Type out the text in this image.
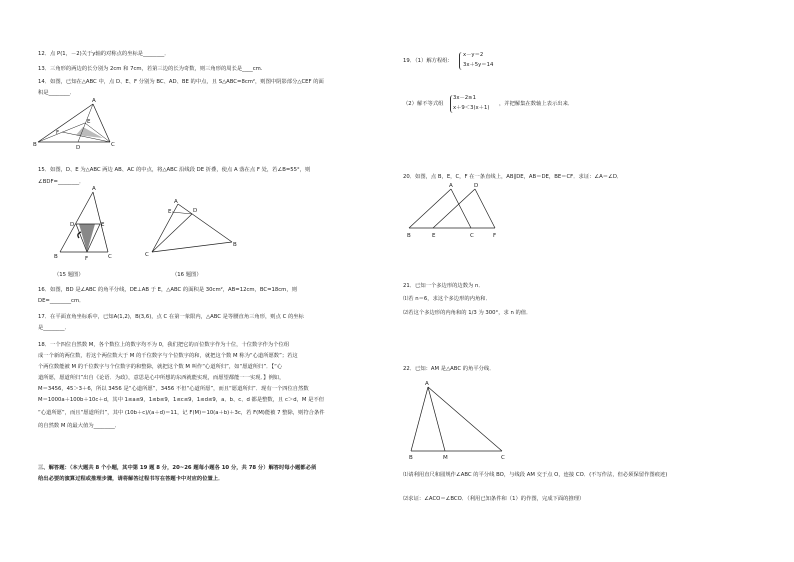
12．点 P(1，－2)关于y轴的对称点的坐标是________．
13．三角形的两边的长分别为 2cm 和 7cm，若第三边的长为奇数，则三角形的周长是____cm.
14．如图，已知在△ABC 中，点 D、E、F 分别为 BC、AD、BE 的中点，且 S△ABC=8cm²，则图中阴影部分△CEF 的面
积是________．
A
B	C
D
E
F
15．如图，D、E 为△ABC 两边 AB、AC 的中点，将△ABC 沿线段 DE 折叠，使点 A 落在点 F 处，若∠B=55°，则
∠BDF=________．
A
D	E
B	F	C
A
E	D
C
B
（15 题图）	（16 题图）
16．如图，BD 是∠ABC 的角平分线，DE⊥AB 于 E，△ABC 的面积是 30cm²，AB=12cm，BC=18cm，则
DE=________cm．
17．在平面直角坐标系中，已知A(1,2)，B(3,6)，点 C 在第一象限内，△ABC 是等腰直角三角形，则点 C 的坐标
是________．
18．一个四位自然数 M，各个数位上的数字均不为 0，我们把它的百位数字作为十位，十位数字作为个位组
成一个新的两位数，若这个两位数大于 M 的千位数字与个位数字的和，就把这个数 M 称为“心道所愿数”；若这
个两位数能被 M 的千位数字与个位数字的和整除，就把这个数 M 叫作“心道所归”，如“愿道所归”．【“心
道所愿，愿道所归”出自《论语．为政》，意思是心中所想的东西就能实现，而愿望都能一一实现．】例如，
M＝3456，45＞3＋6，所以 3456 是“心道所愿”，3456 不但“心道所愿”，而且“愿道所归”．现有一个四位自然数
M＝1000a＋100b＋10c＋d，其中 1≤a≤9，1≤b≤9，1≤c≤9，1≤d≤9，a、b、c、d 都是整数，且 c＞d，M 是不但
“心道所愿”，而且“愿道所归”，其中 (10b＋c)/(a＋d)＝11，记 F(M)＝10(a＋b)＋3c，若 F(M)能被 7 整除，则符合条件
的自然数 M 的最大值为________．
三、解答题：（本大题共 8 个小题，其中第 19 题 8 分，20~26 题每小题各 10 分，共 78 分）解答时每小题都必须
给出必要的演算过程或推理步骤，请将解答过程书写在答题卡中对应的位置上．
19．（1）解方程组：
x－y＝2
3x＋5y＝14
（2）解不等式组
3x－2≥1
x＋9＜3(x＋1)
，并把解集在数轴上表示出来．
20．如图，点 B，E，C，F 在一条直线上，AB∥DE，AB＝DE，BE＝CF．求证：∠A＝∠D．
A	D
B	E	C	F
21．已知一个多边形的边数为 n．
⑴若 n＝6，求这个多边形的内角和．
⑵若这个多边形的内角和的 1/3 为 300°，求 n 的值．
22．已知：AM 是△ABC 的角平分线．
A
B	M	C
⑴请利用直尺和圆规作∠ABC 的平分线 BO，与线段 AM 交于点 O，连接 CO．(不写作法，但必须保留作图痕迹)
⑵求证：∠ACO＝∠BCO．（利用已知条件和（1）的作图，完成下面的推理）
